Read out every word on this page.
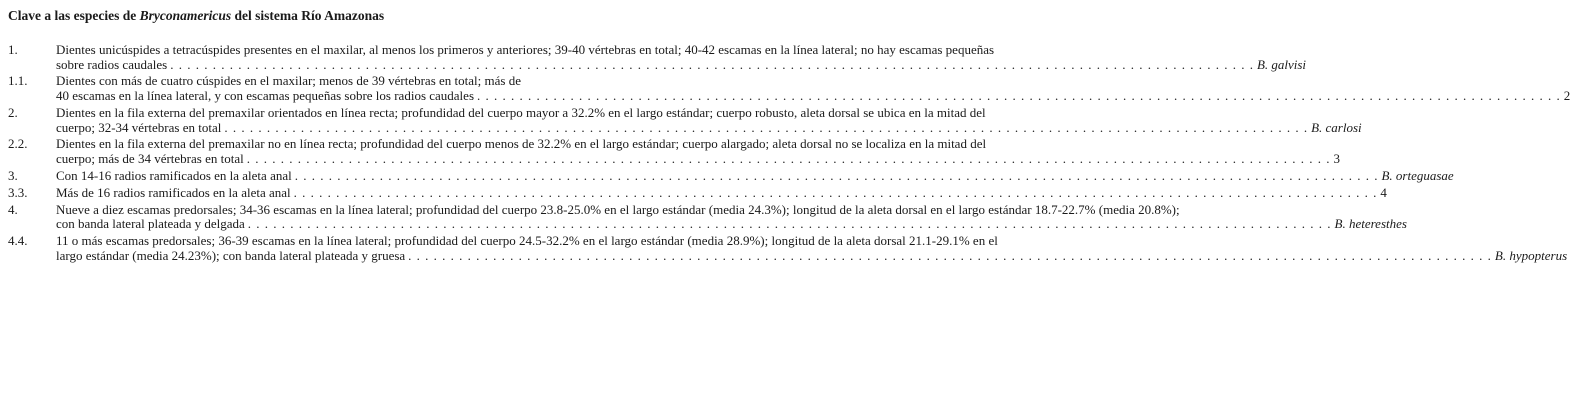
Clave a las especies de Bryconamericus del sistema Río Amazonas
1.	Dientes unicúspides a tetracúspides presentes en el maxilar, al menos los primeros y anteriores; 39-40 vértebras en total; 40-42 escamas en la línea lateral; no hay escamas pequeñas
sobre radios caudales . . .	B. galvisi
1.1.	Dientes con más de cuatro cúspides en el maxilar; menos de 39 vértebras en total; más de
40 escamas en la línea lateral, y con escamas pequeñas sobre los radios caudales . . .	2
2.	Dientes en la fila externa del premaxilar orientados en línea recta; profundidad del cuerpo mayor a 32.2% en el largo estándar; cuerpo robusto, aleta dorsal se ubica en la mitad del
cuerpo; 32-34 vértebras en total . . .	B. carlosi
2.2.	Dientes en la fila externa del premaxilar no en línea recta; profundidad del cuerpo menos de 32.2% en el largo estándar; cuerpo alargado; aleta dorsal no se localiza en la mitad del
cuerpo; más de 34 vértebras en total . . .	3
3.	Con 14-16 radios ramificados en la aleta anal . . .	B. orteguasae
3.3.	Más de 16 radios ramificados en la aleta anal . . .	4
4.	Nueve a diez escamas predorsales; 34-36 escamas en la línea lateral; profundidad del cuerpo 23.8-25.0% en el largo estándar (media 24.3%); longitud de la aleta dorsal en el largo estándar 18.7-22.7% (media 20.8%);
con banda lateral plateada y delgada . . .	B. heteresthes
4.4.	11 o más escamas predorsales; 36-39 escamas en la línea lateral; profundidad del cuerpo 24.5-32.2% en el largo estándar (media 28.9%); longitud de la aleta dorsal 21.1-29.1% en el
largo estándar (media 24.23%); con banda lateral plateada y gruesa . . .	B. hypopterus
